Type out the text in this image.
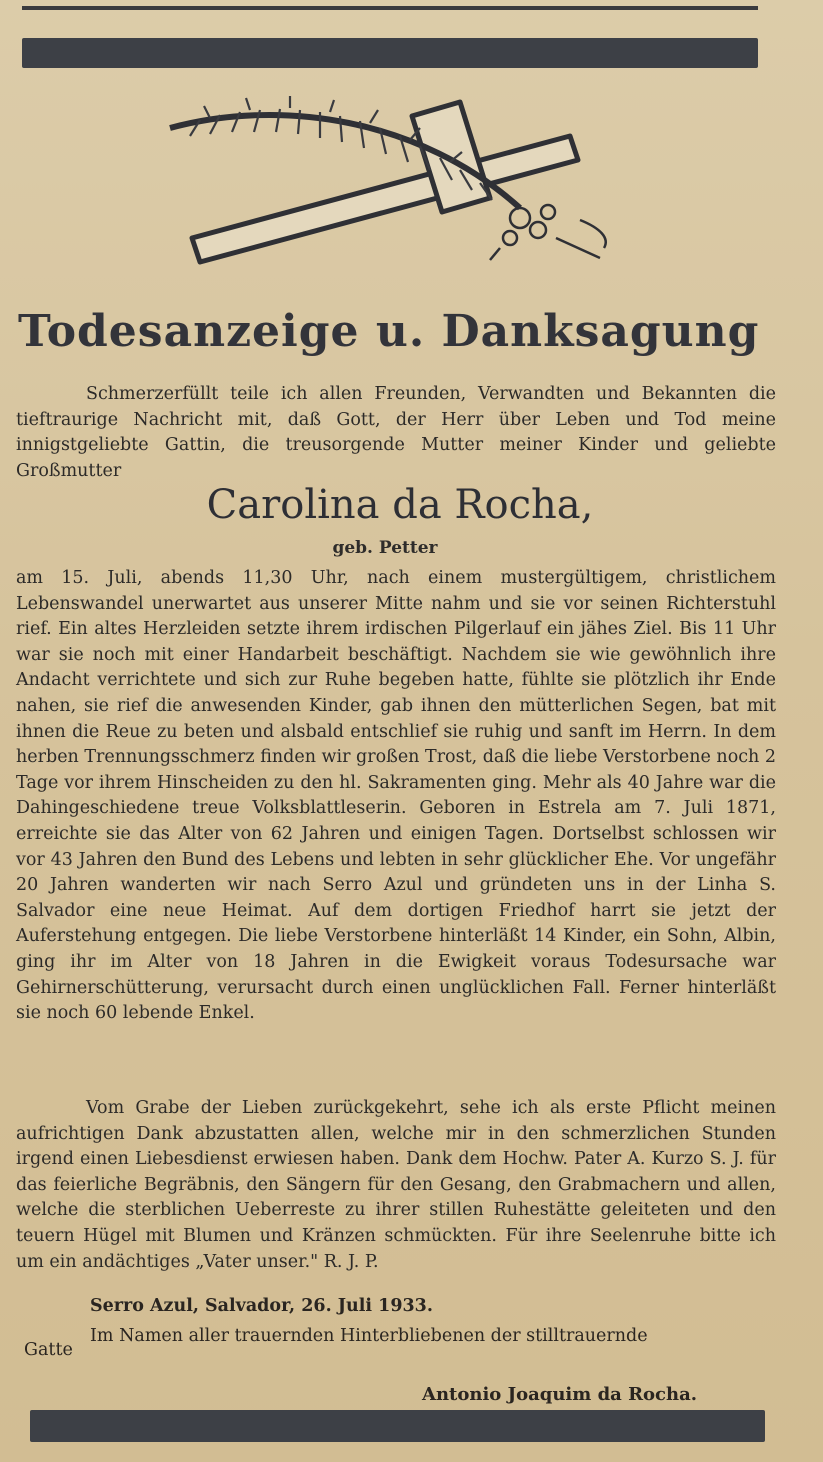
Todesanzeige u. Danksagung
Schmerzerfüllt teile ich allen Freunden, Verwandten und Bekannten die tieftraurige Nachricht mit, daß Gott, der Herr über Leben und Tod meine innigstgeliebte Gattin, die treusorgende Mutter meiner Kinder und geliebte Großmutter
Carolina da Rocha,
geb. Petter
am 15. Juli, abends 11,30 Uhr, nach einem mustergültigem, christlichem Lebenswandel unerwartet aus unserer Mitte nahm und sie vor seinen Richterstuhl rief. Ein altes Herzleiden setzte ihrem irdischen Pilgerlauf ein jähes Ziel. Bis 11 Uhr war sie noch mit einer Handarbeit beschäftigt. Nachdem sie wie gewöhnlich ihre Andacht verrichtete und sich zur Ruhe begeben hatte, fühlte sie plötzlich ihr Ende nahen, sie rief die anwesenden Kinder, gab ihnen den mütterlichen Segen, bat mit ihnen die Reue zu beten und alsbald entschlief sie ruhig und sanft im Herrn. In dem herben Trennungsschmerz finden wir großen Trost, daß die liebe Verstorbene noch 2 Tage vor ihrem Hinscheiden zu den hl. Sakramenten ging. Mehr als 40 Jahre war die Dahingeschiedene treue Volksblattleserin. Geboren in Estrela am 7. Juli 1871, erreichte sie das Alter von 62 Jahren und einigen Tagen. Dortselbst schlossen wir vor 43 Jahren den Bund des Lebens und lebten in sehr glücklicher Ehe. Vor ungefähr 20 Jahren wanderten wir nach Serro Azul und gründeten uns in der Linha S. Salvador eine neue Heimat. Auf dem dortigen Friedhof harrt sie jetzt der Auferstehung entgegen. Die liebe Verstorbene hinterläßt 14 Kinder, ein Sohn, Albin, ging ihr im Alter von 18 Jahren in die Ewigkeit voraus Todesursache war Gehirnerschütterung, verursacht durch einen unglücklichen Fall. Ferner hinterläßt sie noch 60 lebende Enkel.
Vom Grabe der Lieben zurückgekehrt, sehe ich als erste Pflicht meinen aufrichtigen Dank abzustatten allen, welche mir in den schmerzlichen Stunden irgend einen Liebesdienst erwiesen haben. Dank dem Hochw. Pater A. Kurzo S. J. für das feierliche Begräbnis, den Sängern für den Gesang, den Grabmachern und allen, welche die sterblichen Ueberreste zu ihrer stillen Ruhestätte geleiteten und den teuern Hügel mit Blumen und Kränzen schmückten. Für ihre Seelenruhe bitte ich um ein andächtiges „Vater unser." R. J. P.
Serro Azul, Salvador, 26. Juli 1933.
Im Namen aller trauernden Hinterbliebenen der stilltrauernde
Gatte
Antonio Joaquim da Rocha.
